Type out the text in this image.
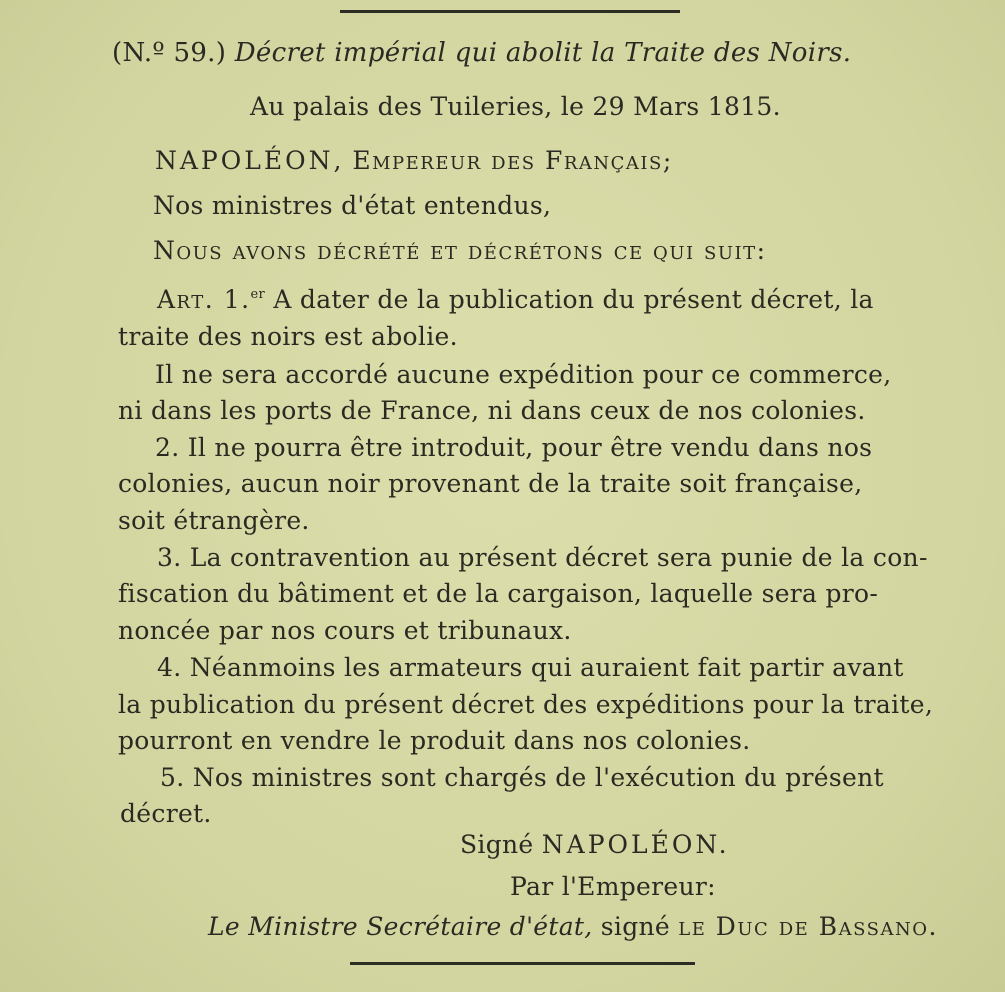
(N.º 59.) Décret impérial qui abolit la Traite des Noirs.
Au palais des Tuileries, le 29 Mars 1815.
NAPOLÉON, Empereur des Français;
Nos ministres d'état entendus,
Nous avons décrété et décrétons ce qui suit:
Art. 1.$^{er}$ A dater de la publication du présent décret, la
traite des noirs est abolie.
Il ne sera accordé aucune expédition pour ce commerce,
ni dans les ports de France, ni dans ceux de nos colonies.
2. Il ne pourra être introduit, pour être vendu dans nos
colonies, aucun noir provenant de la traite soit française,
soit étrangère.
3. La contravention au présent décret sera punie de la con-
fiscation du bâtiment et de la cargaison, laquelle sera pro-
noncée par nos cours et tribunaux.
4. Néanmoins les armateurs qui auraient fait partir avant
la publication du présent décret des expéditions pour la traite,
pourront en vendre le produit dans nos colonies.
5. Nos ministres sont chargés de l'exécution du présent
décret.
Signé NAPOLÉON.
Par l'Empereur:
Le Ministre Secrétaire d'état, signé le Duc de Bassano.
